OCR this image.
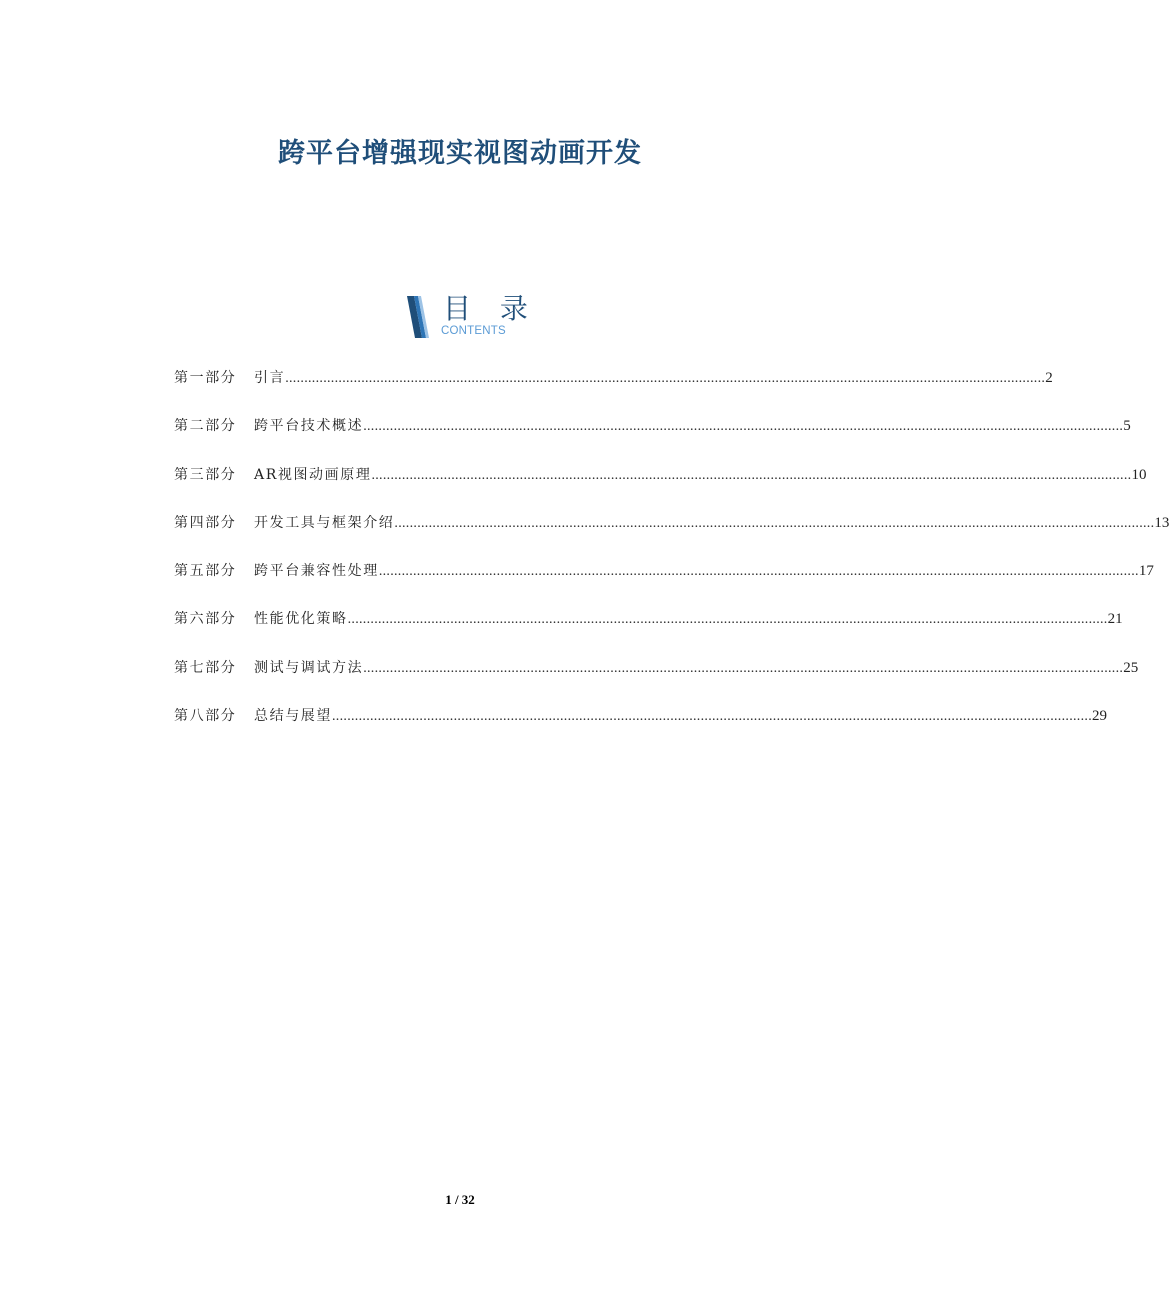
跨平台增强现实视图动画开发
目 录
CONTENTS
第一部分	引言 ........................................................................................................................................................................................................ 2
第二部分	跨平台技术概述 ........................................................................................................................................................................................................ 5
第三部分	AR视图动画原理 ........................................................................................................................................................................................................ 10
第四部分	开发工具与框架介绍 ........................................................................................................................................................................................................ 13
第五部分	跨平台兼容性处理 ........................................................................................................................................................................................................ 17
第六部分	性能优化策略 ........................................................................................................................................................................................................ 21
第七部分	测试与调试方法 ........................................................................................................................................................................................................ 25
第八部分	总结与展望 ........................................................................................................................................................................................................ 29
1 / 32
